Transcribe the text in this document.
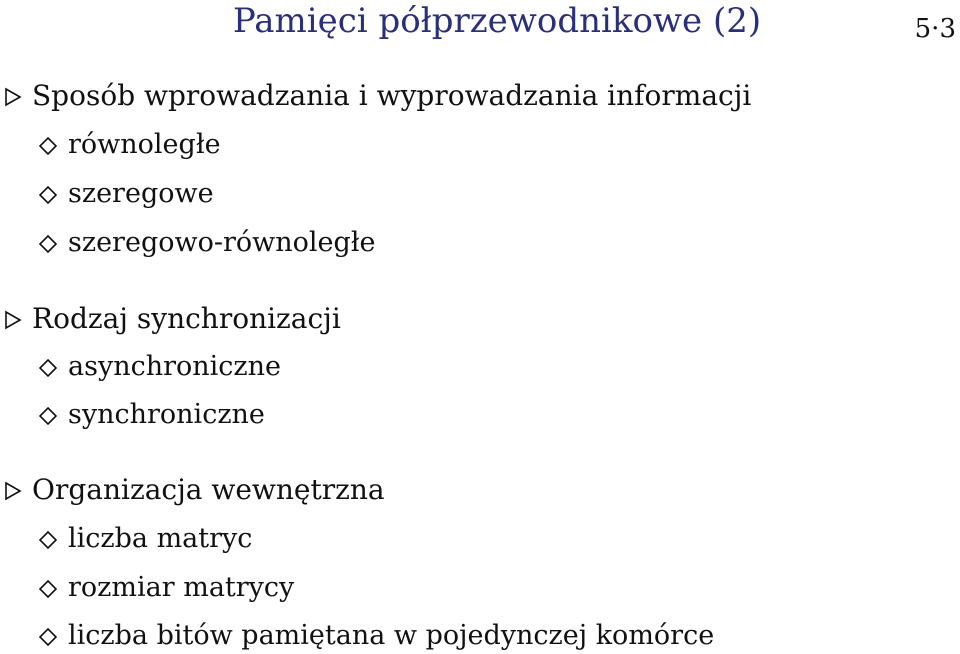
Pamięci półprzewodnikowe (2)	5·3
Sposób wprowadzania i wyprowadzania informacji
równoległe
szeregowe
szeregowo-równoległe
Rodzaj synchronizacji
asynchroniczne
synchroniczne
Organizacja wewnętrzna
liczba matryc
rozmiar matrycy
liczba bitów pamiętana w pojedynczej komórce
